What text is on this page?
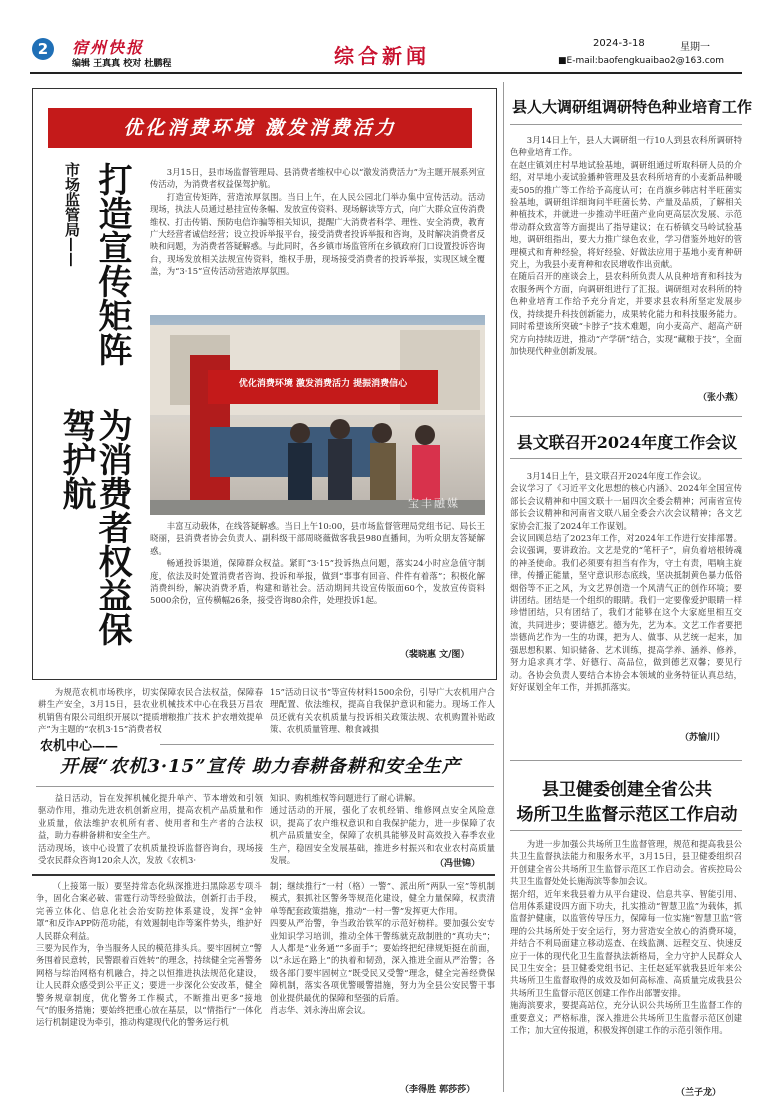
2	宿州快报
编辑 王真真 校对 杜鹏程	综合新闻
2024-3-18	星期一
■E-mail:baofengkuaibao2@163.com
优化消费环境 激发消费活力
市场监管局—— 打造宣传矩阵
为消费者权益保驾护航

3月15日，县市场监督管理局、县消费者维权中心以“激发消费活力”为主题开展系列宣传活动，为消费者权益保驾护航。

打造宣传矩阵，营造浓厚氛围。当日上午，在人民公园北门举办集中宣传活动。活动现场，执法人员通过悬挂宣传条幅、发放宣传资料、现场解读等方式，向广大群众宣传消费维权、打击传销、预防电信诈骗等相关知识，提醒广大消费者科学、理性、安全消费，教育广大经营者诚信经营；设立投诉举报平台，接受消费者投诉举报和咨询，及时解决消费者反映和问题，为消费者答疑解惑。与此同时，各乡镇市场监管所在乡镇政府门口设置投诉咨询台，现场发放相关法规宣传资料，维权手册，现场接受消费者的投诉举报，实现区域全覆盖，为“3·15”宣传活动营造浓厚氛围。

优化消费环境 激发消费活力 提振消费信心
宝丰融媒

丰富互动载体，在线答疑解惑。当日上午10:00，县市场监督管理局党组书记、局长王晓丽，县消费者协会负责人、副科级干部周晓薇做客我县980直播间，为听众朋友答疑解惑。

畅通投诉渠道，保障群众权益。紧盯“3·15”投诉热点问题，落实24小时应急值守制度，依法及时处置消费者咨询、投诉和举报，做到“事事有回音、件件有着落”；积极化解消费纠纷，解决消费矛盾，构建和谐社会。活动期间共设宣传版面60个，发放宣传资料5000余份，宣传横幅26条，接受咨询80余件，处理投诉1起。

（裴晓惠 文/图）

为规范农机市场秩序，切实保障农民合法权益，保障春耕生产安全，3月15日，县农业机械技术中心在我县万昌农机销售有限公司组织开展以“提质增粮推广技术 护农增效提单产”为主题的“农机3·15”消费者权

15”活动日议书”等宣传材料1500余份，引导广大农机用户合理配置、依法维权，提高自我保护意识和能力。现场工作人员还就有关农机质量与投诉相关政策法规、农机购置补贴政策、农机质量管理、粮食减损

农机中心——
开展“农机3·15”宣传 助力春耕备耕和安全生产

益日活动，旨在发挥机械化提升单产、节本增效和引领驱动作用，推动先进农机创新应用，提高农机产品质量和作业质量，依法维护农机所有者、使用者和生产者的合法权益，助力春耕备耕和安全生产。
活动现场，该中心设置了农机质量投诉监督咨询台，现场接受农民群众咨询120余人次，发放《农机3·

知识、购机维权等问题进行了耐心讲解。
通过活动的开展，强化了农机经销、维修网点安全风险意识，提高了农户维权意识和自我保护能力，进一步保障了农机产品质量安全，保障了农机具能够及时高效投入春季农业生产，稳固安全发展基础，推进乡村振兴和农业农村高质量发展。	（冯世锦）

（上接第一版）要坚持常态化纵深推进扫黑除恶专项斗争，固化合案必破、雷霆行动等经验做法，创新打击手段，完善立体化、信息化社会治安防控体系建设，发挥“金钟罩”和反诈APP防范功能，有效遏制电诈等案件势头，维护好人民群众利益。
三要为民作为，争当服务人民的模范排头兵。要牢固树立“警务围着民意转，民警跟着百姓转”的理念，持续健全完善警务网格与综治网格有机融合，持之以恒推进执法规范化建设，让人民群众感受到公平正义；要进一步深化公安改革，健全警务规章制度，优化警务工作模式，不断推出更多“接地气”的服务措施；要始终把重心放在基层，以“情指行”一体化运行机制建设为牵引，推动构建现代化的警务运行机

制；继续推行“一村（格）一警”、派出所“两队一室”等机制模式，狠抓社区警务等规范化建设，健全力量保障，权责清单等配套政策措施，推动“一村一警”发挥更大作用。
四要从严治警，争当政治铁军的示范好榜样。要加强公安专业知识学习培训，推动全体干警练就克敌制胜的“真功夫”；人人都是“业务通”“多面手”；要始终把纪律规矩挺在前面，以“永远在路上”的执着和韧劲，深入推进全面从严治警；各级各部门要牢固树立“既受民又受警”理念，健全完善经费保障机制，落实各项优警暖警措施，努力为全县公安民警干事创业提供最优的保障和坚强的后盾。
肖志华、刘永涛出席会议。

（李得胜 郭莎莎）
县人大调研组调研特色种业培育工作

3月14日上午，县人大调研组一行10人到县农科所调研特色种业培育工作。
在赵庄镇刘庄村旱地试验基地，调研组通过听取科研人员的介绍，对旱地小麦试验播种管理及县农科所培育的小麦新品种暖麦505的推广等工作给予高度认可；在肖旗乡韩店村半旺菌实验基地，调研组详细询问半旺菌长势、产量及品质，了解相关种植技术，并就进一步推动半旺菌产业向更高层次发展、示范带动群众致富等方面提出了指导建议；在石桥镇交马岭试验基地，调研组指出，要大力推广绿色农业，学习借鉴外地好的管理模式和育种经验，将好经验、好做法应用于基地小麦育种研究上，为我县小麦育种和农民增收作出贡献。
在随后召开的座谈会上，县农科所负责人从良种培育和科技为农服务两个方面，向调研组进行了汇报。调研组对农科所的特色种业培育工作给予充分肯定，并要求县农科所坚定发展步伐，持续提升科技创新能力，成果转化能力和科技服务能力。同时希望该所突破“卡脖子”技术难题，向小麦高产、超高产研究方向持续迈进，推动“产学研”结合，实现“藏粮于技”，全面加快现代种业创新发展。

（张小燕）
县文联召开2024年度工作会议

3月14日上午，县文联召开2024年度工作会议。
会议学习了《习近平文化思想的核心内涵》、2024年全国宣传部长会议精神和中国文联十一届四次全委会精神；河南省宣传部长会议精神和河南省文联八届全委会六次会议精神；各文艺家协会汇报了2024年工作谋划。
会议回顾总结了2023年工作，对2024年工作进行安排部署。会议强调，要讲政治。文艺是党的“笔杆子”，肩负着培根铸魂的神圣使命。我们必须要有担当有作为，守土有责，唱响主旋律，传播正能量，坚守意识形态底线，坚决抵制黄色暴力低俗烟俗等不正之风，为文艺界创造一个风清气正的创作环境；要讲团结。团结是一个组织的眼睛。我们一定要像爱护眼睛一样珍惜团结，只有团结了，我们才能够在这个大家庭里相互交流，共同进步；要讲德艺。德为先，艺为本。文艺工作者要把崇德尚艺作为一生的功课，把为人、做事、从艺统一起来，加强思想积累、知识储备、艺术训练，提高学养、涵养、修养，努力追求真才学、好德行、高品位，做到德艺双馨；要见行动。各协会负责人要结合本协会本领域的业务特征认真总结，好好谋划全年工作，并抓抓落实。

（苏愉川）
县卫健委创建全省公共
场所卫生监督示范区工作启动

为进一步加强公共场所卫生监督管理，规范和提高我县公共卫生监督执法能力和服务水平，3月15日，县卫健委组织召开创建全省公共场所卫生监督示范区工作启动会。省疾控局公共卫生监督处处长施海滨等参加会议。
据介绍，近年来我县着力从平台建设、信息共享、智能引用、信用体系建设四方面下功夫，扎实推动“智慧卫监”为载体，抓监督护健康，以监管传导压力，保障每一位实施“智慧卫监”管理的公共场所处于安全运行，努力营造安全放心的消费环境，并结合不利局面建立移动巡查、在线监测、远程交互、快速反应于一体的现代化卫生监督执法新格局，全力守护人民群众人民卫生安全；县卫健委党组书记、主任赵延军就我县近年来公共场所卫生监督取得的成效及如何高标准、高质量完成我县公共场所卫生监督示范区创建工作作出部署安排。
施海滨要求，要提高站位，充分认识公共场所卫生监督工作的重要意义；严格标准，深入推进公共场所卫生监督示范区创建工作；加大宣传报道，积极发挥创建工作的示范引领作用。

（兰子龙）
